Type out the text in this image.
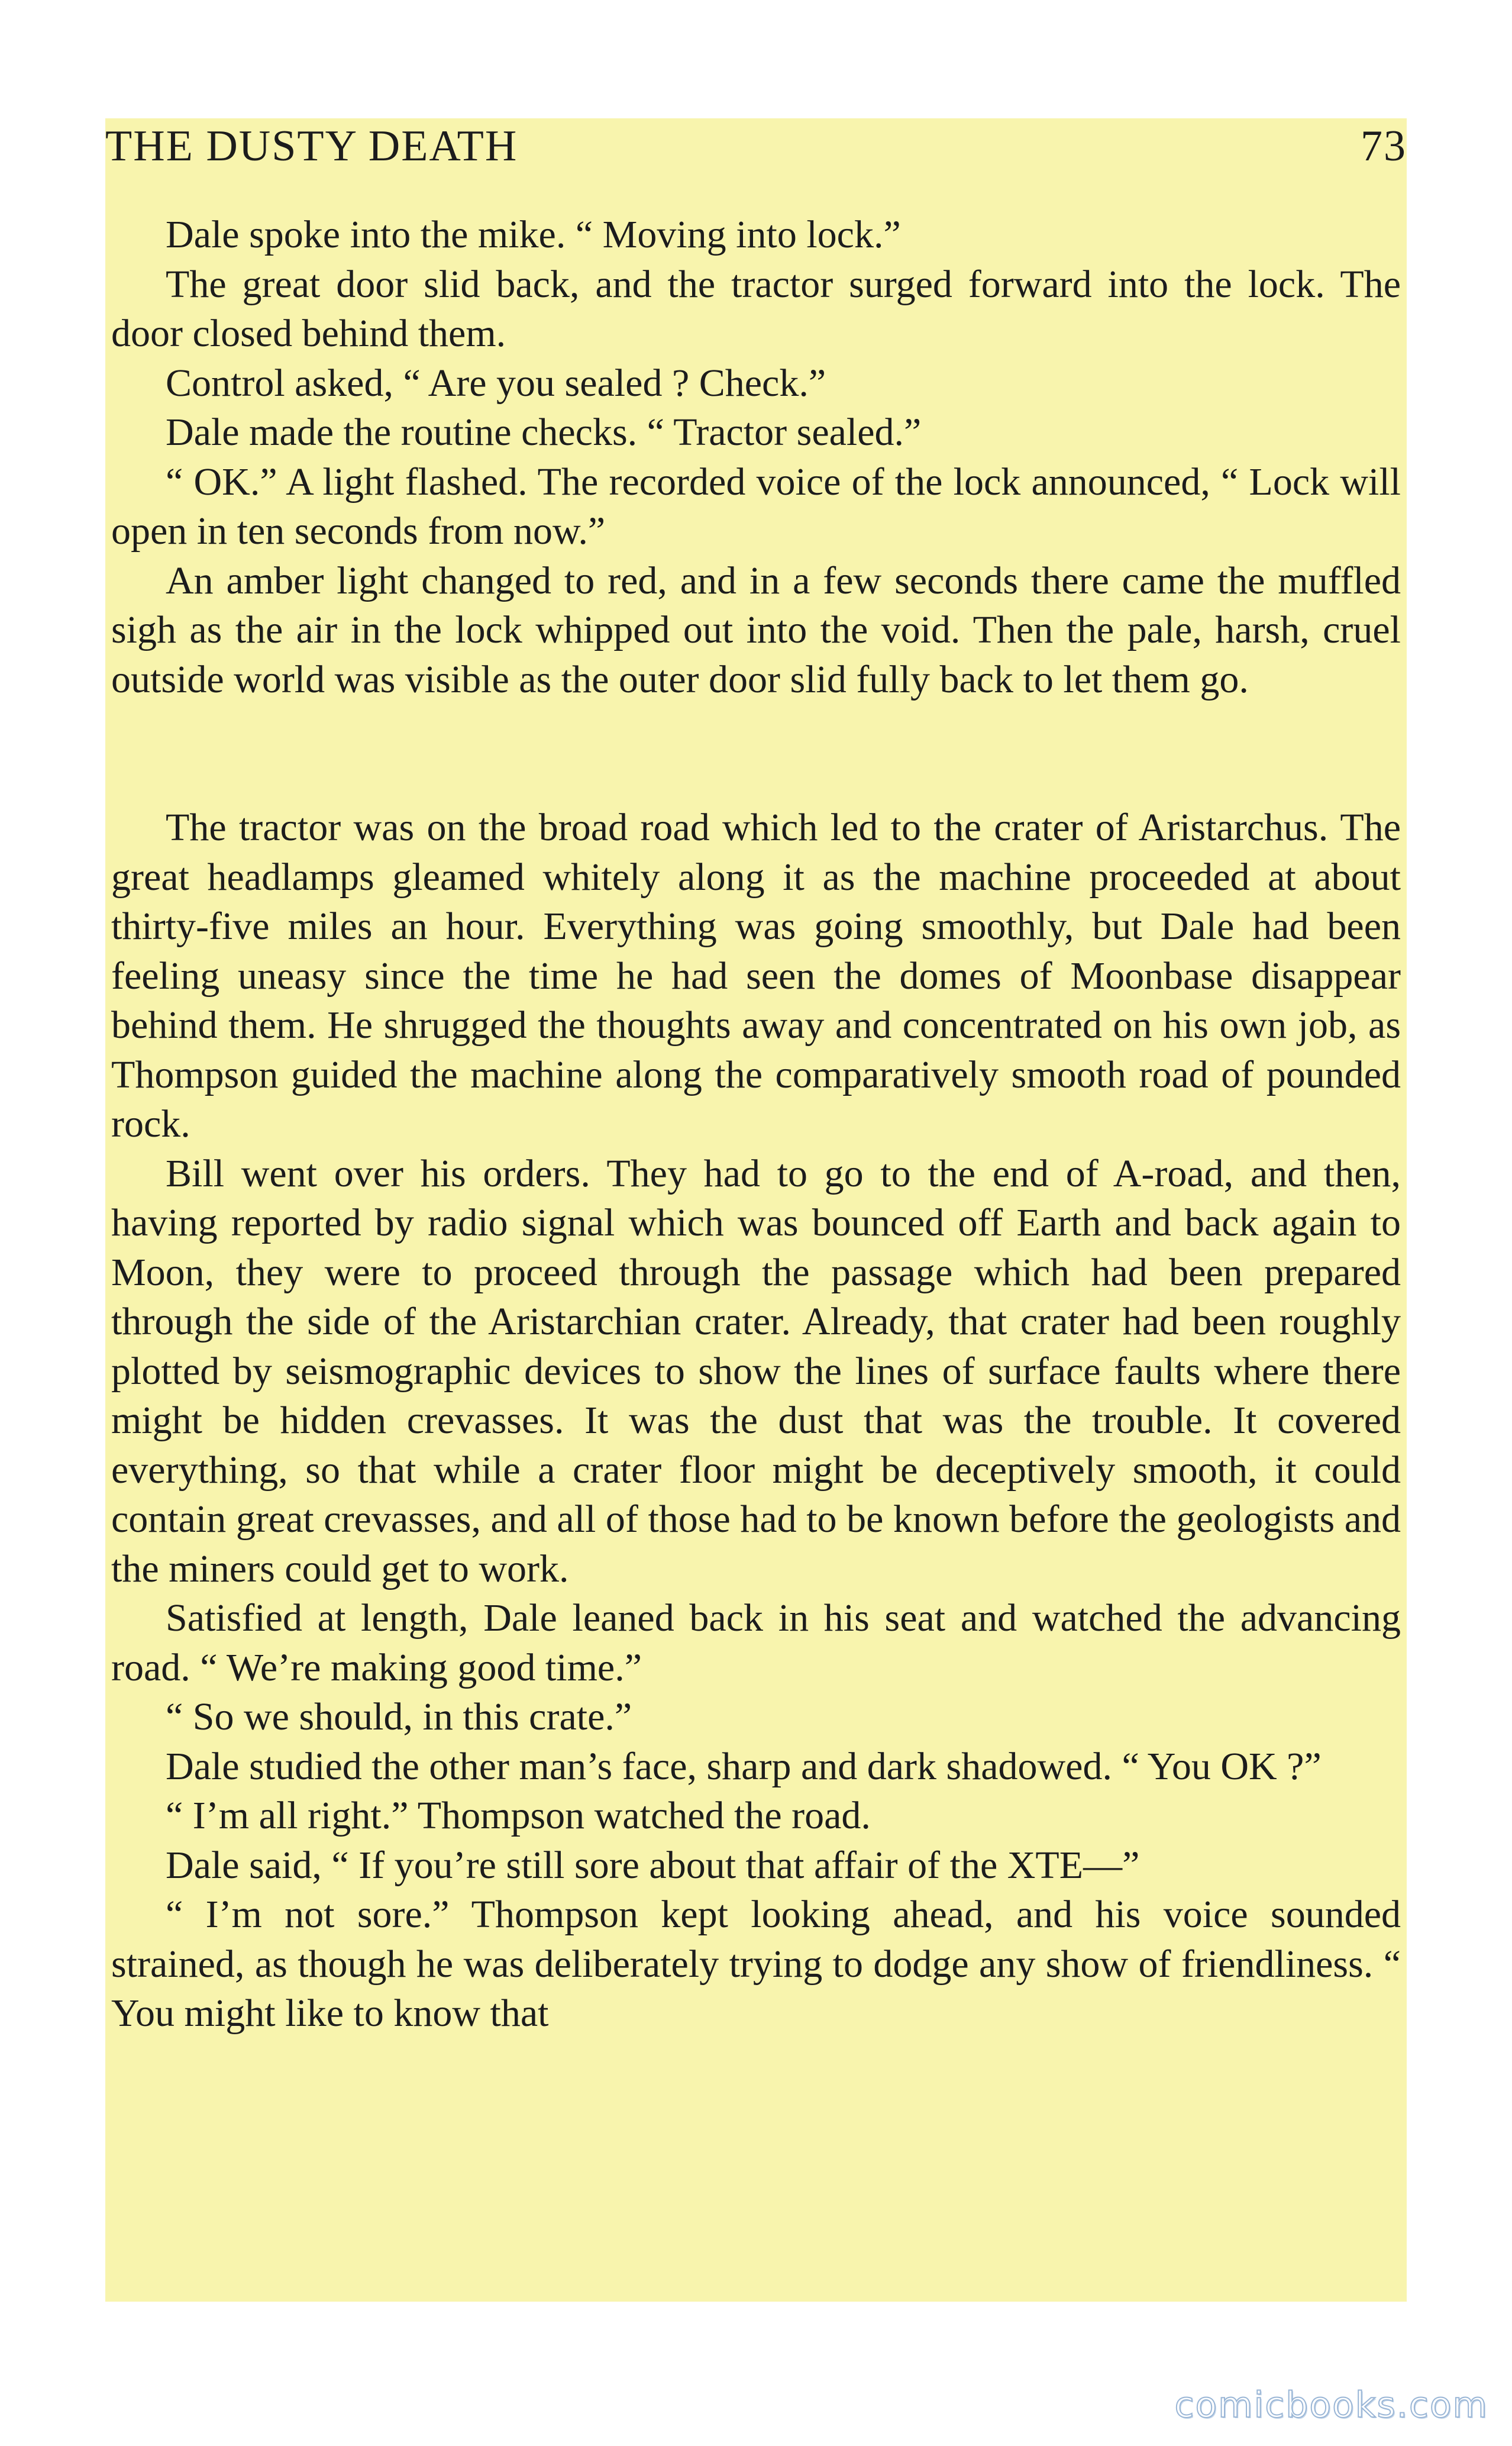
THE DUSTY DEATH	73

Dale spoke into the mike. “ Moving into lock.”

The great door slid back, and the tractor surged forward into the lock. The door closed behind them.

Control asked, “ Are you sealed ? Check.”

Dale made the routine checks. “ Tractor sealed.”

“ OK.” A light flashed. The recorded voice of the lock announced, “ Lock will open in ten seconds from now.”

An amber light changed to red, and in a few seconds there came the muffled sigh as the air in the lock whipped out into the void. Then the pale, harsh, cruel outside world was visible as the outer door slid fully back to let them go.

The tractor was on the broad road which led to the crater of Aristarchus. The great headlamps gleamed whitely along it as the machine proceeded at about thirty-five miles an hour. Everything was going smoothly, but Dale had been feeling uneasy since the time he had seen the domes of Moonbase disappear behind them. He shrugged the thoughts away and concentrated on his own job, as Thompson guided the machine along the comparatively smooth road of pounded rock.

Bill went over his orders. They had to go to the end of A-road, and then, having reported by radio signal which was bounced off Earth and back again to Moon, they were to proceed through the passage which had been prepared through the side of the Aristarchian crater. Already, that crater had been roughly plotted by seismographic devices to show the lines of surface faults where there might be hidden crevasses. It was the dust that was the trouble. It covered everything, so that while a crater floor might be deceptively smooth, it could contain great crevasses, and all of those had to be known before the geologists and the miners could get to work.

Satisfied at length, Dale leaned back in his seat and watched the advancing road. “ We’re making good time.”

“ So we should, in this crate.”

Dale studied the other man’s face, sharp and dark shadowed. “ You OK ?”

“ I’m all right.” Thompson watched the road.

Dale said, “ If you’re still sore about that affair of the XTE—”

“ I’m not sore.” Thompson kept looking ahead, and his voice sounded strained, as though he was deliberately trying to dodge any show of friendliness. “ You might like to know that

comicbooks.com
